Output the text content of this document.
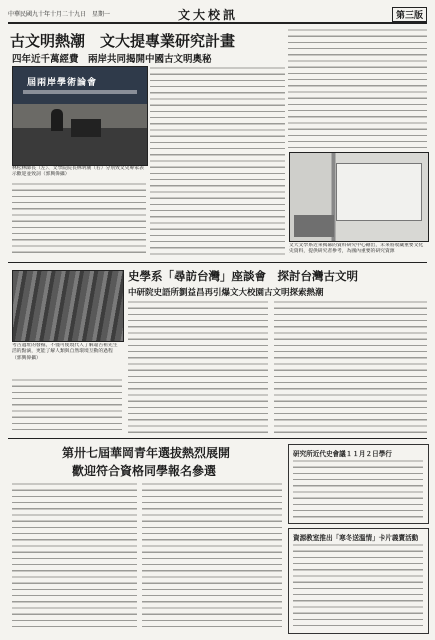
中華民國九十年十月二十九日　星期一	文大校訊	第三版
古文明熱潮　文大提專業研究計畫
四年近千萬經費　兩岸共同揭開中國古文明奧秘
屆兩岸學術論會
林松林師長（左）、文學院院長林明潮（右）分別致文史專家表示歡迎並致詞（郭興偉攝）
文大文學系近來揭幕的資料研究中心剛出，未來將收藏重要文化史資料，提供研究者參考，為國內重要的研究資源
考古遺址的發掘，不僅可使現代人了解遠古祖先生活的點滴，更能了解人類與自然環境互動的過程（郭興偉攝）
史學系「尋訪台灣」座談會　探討台灣古文明
中研院史語所劉益昌再引爆文大校園古文明探索熱潮
第卅七屆華岡青年選拔熱烈展開
歡迎符合資格同學報名參選
研究所近代史會議１１月２日學行
資源教室推出「寒冬送溫情」卡片義賣活動
